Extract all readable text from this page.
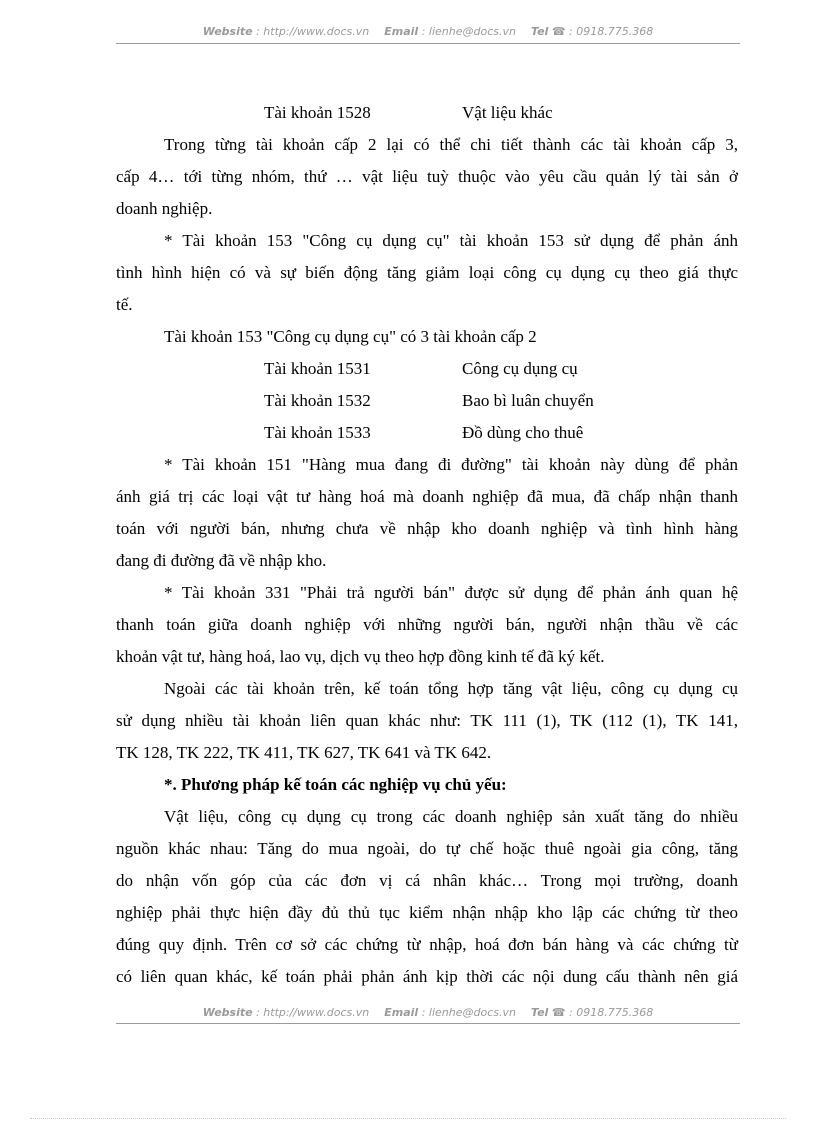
Website : http://www.docs.vn Email : lienhe@docs.vn Tel ☎ : 0918.775.368
Tài khoản 1528	Vật liệu khác
Trong từng tài khoản cấp 2 lại có thể chi tiết thành các tài khoản cấp 3,
cấp 4… tới từng nhóm, thứ … vật liệu tuỳ thuộc vào yêu cầu quản lý tài sản ở
doanh nghiệp.
* Tài khoản 153 "Công cụ dụng cụ" tài khoản 153 sử dụng để phản ánh
tình hình hiện có và sự biến động tăng giảm loại công cụ dụng cụ theo giá thực
tế.
Tài khoản 153 "Công cụ dụng cụ" có 3 tài khoản cấp 2
Tài khoản 1531	Công cụ dụng cụ
Tài khoản 1532	Bao bì luân chuyển
Tài khoản 1533	Đồ dùng cho thuê
* Tài khoản 151 "Hàng mua đang đi đường" tài khoản này dùng để phản
ánh giá trị các loại vật tư hàng hoá mà doanh nghiệp đã mua, đã chấp nhận thanh
toán với người bán, nhưng chưa về nhập kho doanh nghiệp và tình hình hàng
đang đi đường đã về nhập kho.
* Tài khoản 331 "Phải trả người bán" được sử dụng để phản ánh quan hệ
thanh toán giữa doanh nghiệp với những người bán, người nhận thầu về các
khoản vật tư, hàng hoá, lao vụ, dịch vụ theo hợp đồng kinh tế đã ký kết.
Ngoài các tài khoản trên, kế toán tổng hợp tăng vật liệu, công cụ dụng cụ
sử dụng nhiều tài khoản liên quan khác như: TK 111 (1), TK (112 (1), TK 141,
TK 128, TK 222, TK 411, TK 627, TK 641 và TK 642.
*. Phương pháp kế toán các nghiệp vụ chủ yếu:
Vật liệu, công cụ dụng cụ trong các doanh nghiệp sản xuất tăng do nhiều
nguồn khác nhau: Tăng do mua ngoài, do tự chế hoặc thuê ngoài gia công, tăng
do nhận vốn góp của các đơn vị cá nhân khác… Trong mọi trường, doanh
nghiệp phải thực hiện đầy đủ thủ tục kiểm nhận nhập kho lập các chứng từ theo
đúng quy định. Trên cơ sở các chứng từ nhập, hoá đơn bán hàng và các chứng từ
có liên quan khác, kế toán phải phản ánh kịp thời các nội dung cấu thành nên giá
Website : http://www.docs.vn Email : lienhe@docs.vn Tel ☎ : 0918.775.368
